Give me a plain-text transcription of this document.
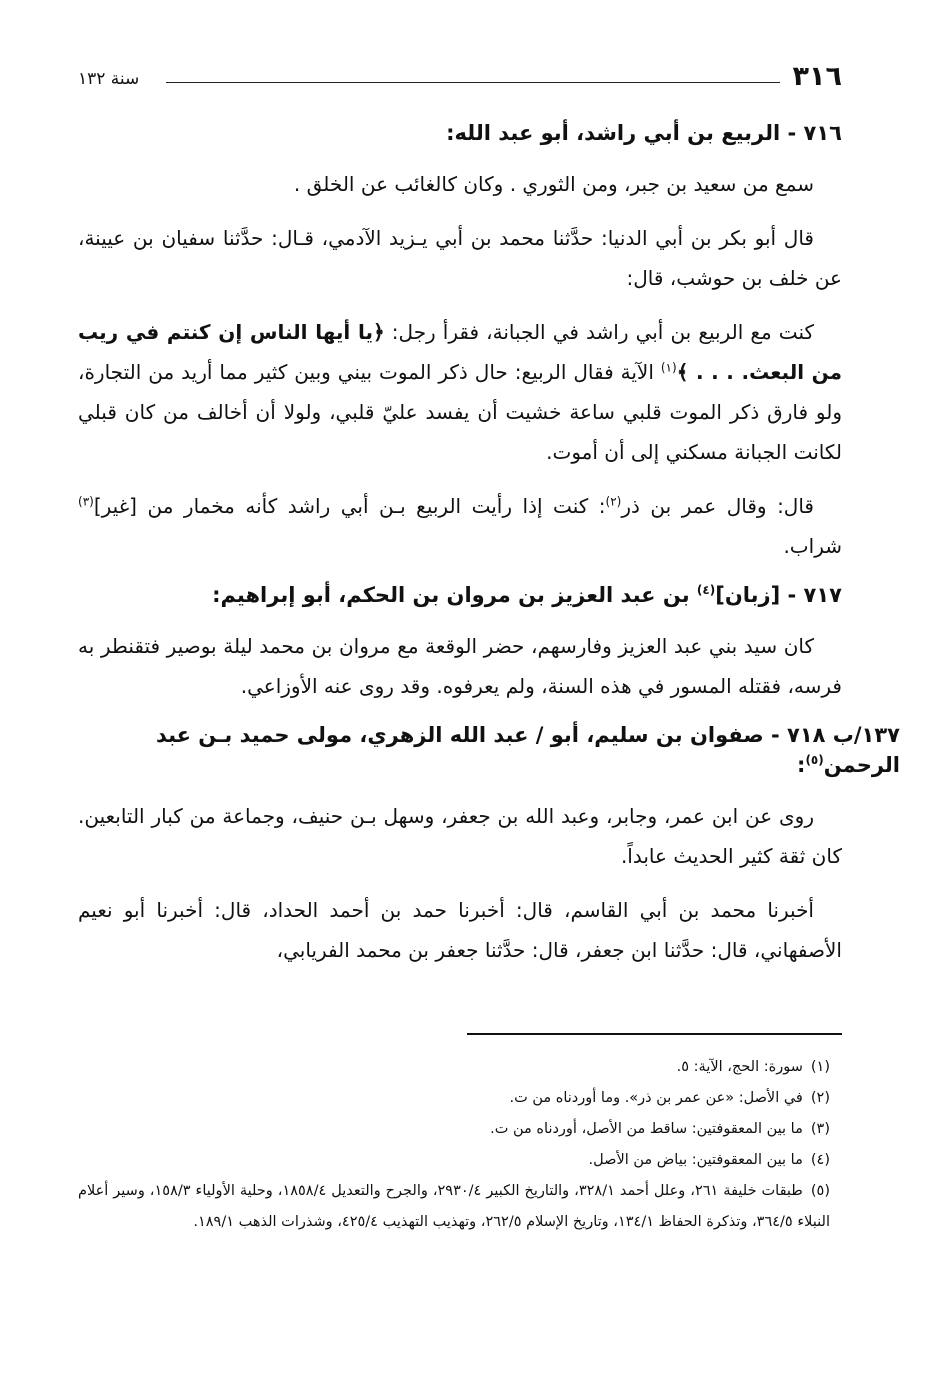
٣١٦
سنة ١٣٢

٧١٦ - الربيع بن أبي راشد، أبو عبد الله:

سمع من سعيد بن جبر، ومن الثوري . وكان كالغائب عن الخلق .

قال أبو بكر بن أبي الدنيا: حدَّثنا محمد بن أبي يـزيد الآدمي، قـال: حدَّثنا سفيان بن عيينة، عن خلف بن حوشب، قال:

كنت مع الربيع بن أبي راشد في الجبانة، فقرأ رجل: ﴿يا أيها الناس إن كنتم في ريب من البعث. . . . ﴾$^{(١)}$ الآية فقال الربيع: حال ذكر الموت بيني وبين كثير مما أريد من التجارة، ولو فارق ذكر الموت قلبي ساعة خشيت أن يفسد عليّ قلبي، ولولا أن أخالف من كان قبلي لكانت الجبانة مسكني إلى أن أموت.

قال: وقال عمر بن ذر$^{(٢)}$: كنت إذا رأيت الربيع بـن أبي راشد كأنه مخمار من [غير]$^{(٣)}$ شراب.

٧١٧ - [زبان]$^{(٤)}$ بن عبد العزيز بن مروان بن الحكم، أبو إبراهيم:

كان سيد بني عبد العزيز وفارسهم، حضر الوقعة مع مروان بن محمد ليلة بوصير فتقنطر به فرسه، فقتله المسور في هذه السنة، ولم يعرفوه. وقد روى عنه الأوزاعي.

١٣٧/ب ٧١٨ - صفوان بن سليم، أبو / عبد الله الزهري، مولى حميد بـن عبد الرحمن$^{(٥)}$:

روى عن ابن عمر، وجابر، وعبد الله بن جعفر، وسهل بـن حنيف، وجماعة من كبار التابعين. كان ثقة كثير الحديث عابداً.

أخبرنا محمد بن أبي القاسم، قال: أخبرنا حمد بن أحمد الحداد، قال: أخبرنا أبو نعيم الأصفهاني، قال: حدَّثنا ابن جعفر، قال: حدَّثنا جعفر بن محمد الفريابي،

(١)سورة: الحج، الآية: ٥.

(٢)في الأصل: «عن عمر بن ذر». وما أوردناه من ت.

(٣)ما بين المعقوفتين: ساقط من الأصل، أوردناه من ت.

(٤)ما بين المعقوفتين: بياض من الأصل.

(٥)طبقات خليفة ٢٦١، وعلل أحمد ٣٢٨/١، والتاريخ الكبير ٢٩٣٠/٤، والجرح والتعديل ١٨٥٨/٤، وحلية الأولياء ١٥٨/٣، وسير أعلام النبلاء ٣٦٤/٥، وتذكرة الحفاظ ١٣٤/١، وتاريخ الإسلام ٢٦٢/٥، وتهذيب التهذيب ٤٢٥/٤، وشذرات الذهب ١٨٩/١.
